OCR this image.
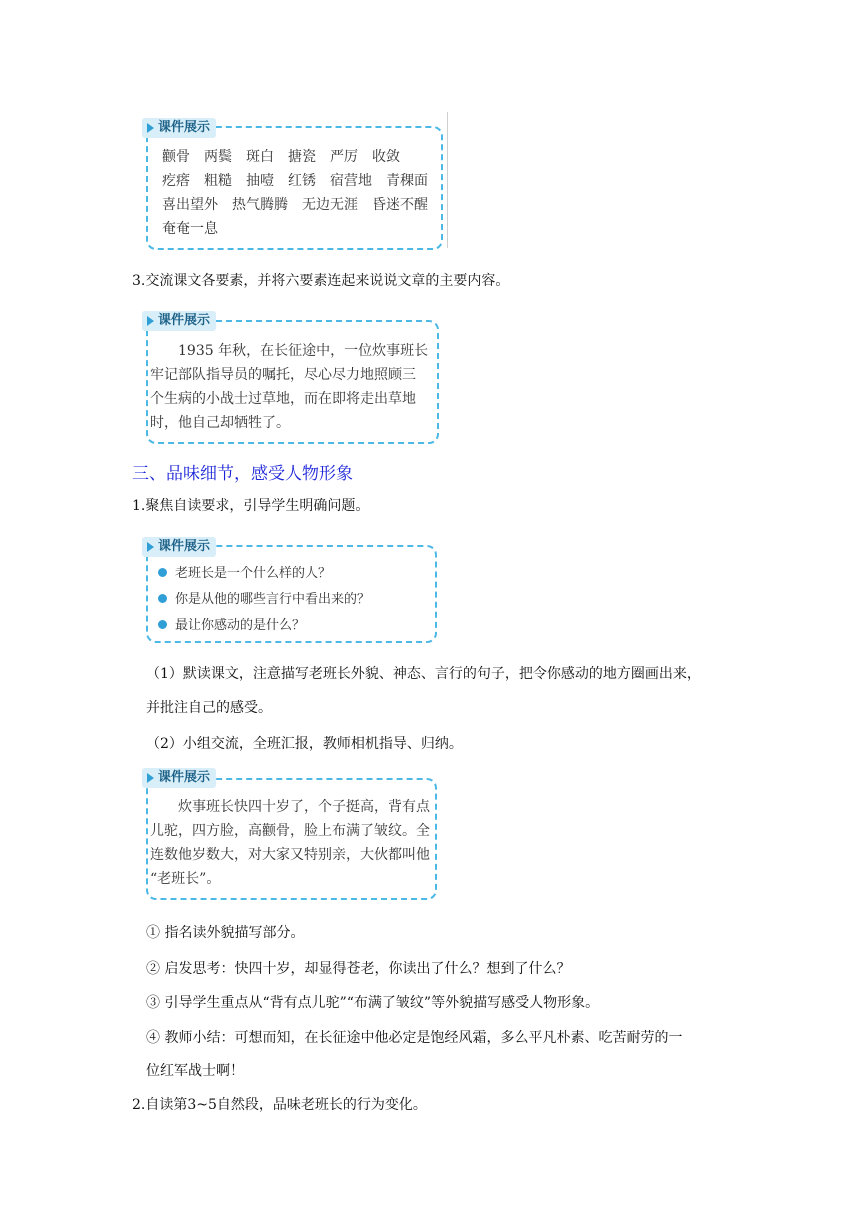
课件展示
颧骨 两鬓 斑白 搪瓷 严厉 收敛
疙瘩 粗糙 抽噎 红锈 宿营地 青稞面
喜出望外 热气腾腾 无边无涯 昏迷不醒
奄奄一息
3.交流课文各要素，并将六要素连起来说说文章的主要内容。
课件展示
　　1935 年秋，在长征途中，一位炊事班长
牢记部队指导员的嘱托，尽心尽力地照顾三
个生病的小战士过草地，而在即将走出草地
时，他自己却牺牲了。
三、品味细节，感受人物形象
1.聚焦自读要求，引导学生明确问题。
课件展示
老班长是一个什么样的人？
你是从他的哪些言行中看出来的？
最让你感动的是什么？
（1）默读课文，注意描写老班长外貌、神态、言行的句子，把令你感动的地方圈画出来，
并批注自己的感受。
（2）小组交流，全班汇报，教师相机指导、归纳。
课件展示
　　炊事班长快四十岁了，个子挺高，背有点
儿驼，四方脸，高颧骨，脸上布满了皱纹。全
连数他岁数大，对大家又特别亲，大伙都叫他
“老班长”。
① 指名读外貌描写部分。
② 启发思考：快四十岁，却显得苍老，你读出了什么？想到了什么？
③ 引导学生重点从“背有点儿驼”“布满了皱纹”等外貌描写感受人物形象。
④ 教师小结：可想而知，在长征途中他必定是饱经风霜，多么平凡朴素、吃苦耐劳的一
位红军战士啊！
2.自读第3~5自然段，品味老班长的行为变化。
